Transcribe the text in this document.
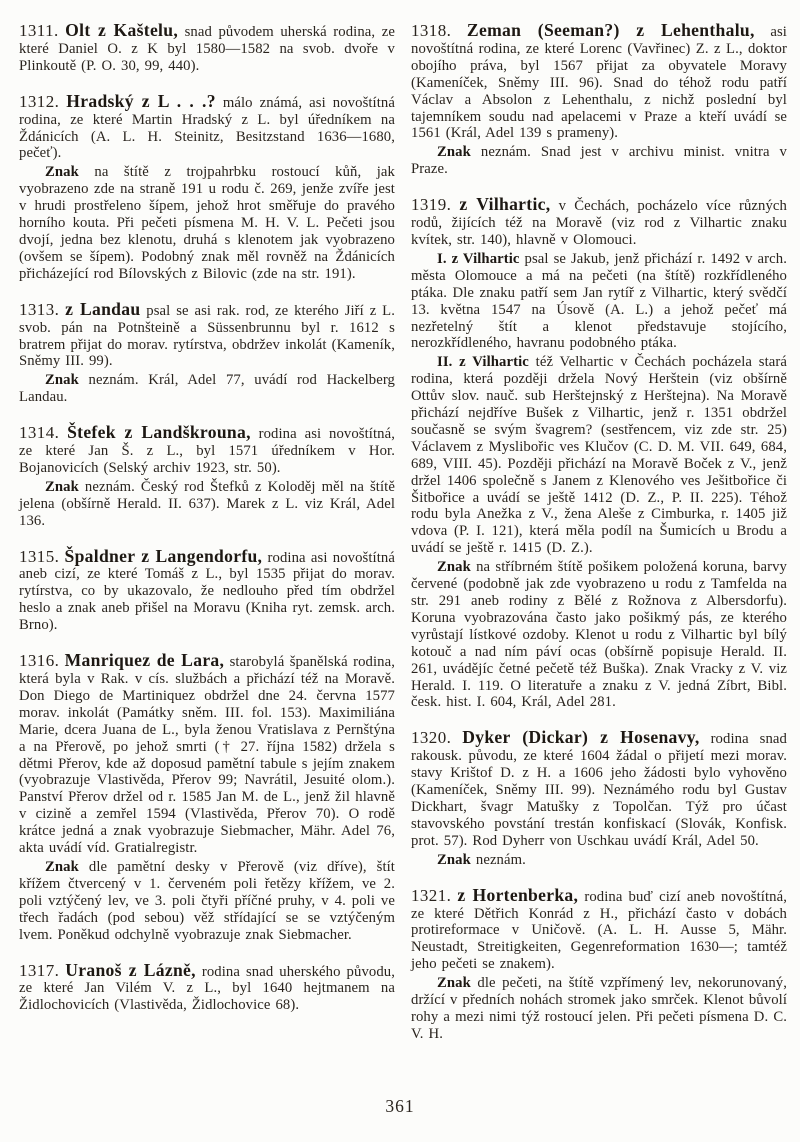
1311. Olt z Kaštelu, snad původem uherská rodina, ze které Daniel O. z K byl 1580—1582 na svob. dvoře v Plinkoutě (P. O. 30, 99, 440).

1312. Hradský z L . . .? málo známá, asi novoštítná rodina, ze které Martin Hradský z L. byl úředníkem na Ždánicích (A. L. H. Steinitz, Besitzstand 1636—1680, pečeť).

Znak na štítě z trojpahrbku rostoucí kůň, jak vyobrazeno zde na straně 191 u rodu č. 269, jenže zvíře jest v hrudi prostřeleno šípem, jehož hrot směřuje do pravého horního kouta. Při pečeti písmena M. H. V. L. Pečeti jsou dvojí, jedna bez klenotu, druhá s klenotem jak vyobrazeno (ovšem se šípem). Podobný znak měl rovněž na Ždánicích přicházející rod Bílovských z Bilovic (zde na str. 191).

1313. z Landau psal se asi rak. rod, ze kterého Jiří z L. svob. pán na Potnšteině a Süssenbrunnu byl r. 1612 s bratrem přijat do morav. rytírstva, obdržev inkolát (Kameník, Sněmy III. 99).

Znak neznám. Král, Adel 77, uvádí rod Hackelberg Landau.

1314. Štefek z Landškrouna, rodina asi novoštítná, ze které Jan Š. z L., byl 1571 úředníkem v Hor. Bojanovicích (Selský archiv 1923, str. 50).

Znak neznám. Český rod Štefků z Koloděj měl na štítě jelena (obšírně Herald. II. 637). Marek z L. viz Král, Adel 136.

1315. Špaldner z Langendorfu, rodina asi novoštítná aneb cizí, ze které Tomáš z L., byl 1535 přijat do morav. rytírstva, co by ukazovalo, že nedlouho před tím obdržel heslo a znak aneb přišel na Moravu (Kniha ryt. zemsk. arch. Brno).

1316. Manriquez de Lara, starobylá španělská rodina, která byla v Rak. v cís. službách a přichází též na Moravě. Don Diego de Martiniquez obdržel dne 24. června 1577 morav. inkolát (Památky sněm. III. fol. 153). Maximiliána Marie, dcera Juana de L., byla ženou Vratislava z Pernštýna a na Přerově, po jehož smrti († 27. října 1582) držela s dětmi Přerov, kde až doposud pamětní tabule s jejím znakem (vyobrazuje Vlastivěda, Přerov 99; Navrátil, Jesuité olom.). Panství Přerov držel od r. 1585 Jan M. de L., jenž žil hlavně v cizině a zemřel 1594 (Vlastivěda, Přerov 70). O rodě krátce jedná a znak vyobrazuje Siebmacher, Mähr. Adel 76, akta uvádí víd. Gratialregistr.

Znak dle pamětní desky v Přerově (viz dříve), štít křížem čtvercený v 1. červeném poli řetězy křížem, ve 2. poli vztýčený lev, ve 3. poli čtyři příčné pruhy, v 4. poli ve třech řadách (pod sebou) věž střídající se se vztýčeným lvem. Poněkud odchylně vyobrazuje znak Siebmacher.

1317. Uranoš z Lázně, rodina snad uherského původu, ze které Jan Vilém V. z L., byl 1640 hejtmanem na Židlochovicích (Vlastivěda, Židlochovice 68).

1318. Zeman (Seeman?) z Lehenthalu, asi novoštítná rodina, ze které Lorenc (Vavřinec) Z. z L., doktor obojího práva, byl 1567 přijat za obyvatele Moravy (Kameníček, Sněmy III. 96). Snad do téhož rodu patří Václav a Absolon z Lehenthalu, z nichž poslední byl tajemníkem soudu nad apelacemi v Praze a kteří uvádí se 1561 (Král, Adel 139 s prameny).

Znak neznám. Snad jest v archivu minist. vnitra v Praze.

1319. z Vilhartic, v Čechách, pocházelo více různých rodů, žijících též na Moravě (viz rod z Vilhartic znaku kvítek, str. 140), hlavně v Olomouci.

I. z Vilhartic psal se Jakub, jenž přichází r. 1492 v arch. města Olomouce a má na pečeti (na štítě) rozkřídleného ptáka. Dle znaku patří sem Jan rytíř z Vilhartic, který svědčí 13. května 1547 na Úsově (A. L.) a jehož pečeť má nezřetelný štít a klenot představuje stojícího, nerozkřídleného, havranu podobného ptáka.

II. z Vilhartic též Velhartic v Čechách pocházela stará rodina, která později držela Nový Herštein (viz obšírně Ottův slov. nauč. sub Herštejnský z Herštejna). Na Moravě přichází nejdříve Bušek z Vilhartic, jenž r. 1351 obdržel současně se svým švagrem? (sestřencem, viz zde str. 25) Václavem z Myslibořic ves Klučov (C. D. M. VII. 649, 684, 689, VIII. 45). Později přichází na Moravě Boček z V., jenž držel 1406 společně s Janem z Klenového ves Ješitbořice či Šitbořice a uvádí se ještě 1412 (D. Z., P. II. 225). Téhož rodu byla Anežka z V., žena Aleše z Cimburka, r. 1405 již vdova (P. I. 121), která měla podíl na Šumicích u Brodu a uvádí se ještě r. 1415 (D. Z.).

Znak na stříbrném štítě pošikem položená koruna, barvy červené (podobně jak zde vyobrazeno u rodu z Tamfelda na str. 291 aneb rodiny z Bělé z Rožnova z Albersdorfu). Koruna vyobrazována často jako pošikmý pás, ze kterého vyrůstají lístkové ozdoby. Klenot u rodu z Vilhartic byl bílý kotouč a nad ním páví ocas (obšírně popisuje Herald. II. 261, uvádějíc četné pečetě též Buška). Znak Vracky z V. viz Herald. I. 119. O literatuře a znaku z V. jedná Zíbrt, Bibl. česk. hist. I. 604, Král, Adel 281.

1320. Dyker (Dickar) z Hosenavy, rodina snad rakousk. původu, ze které 1604 žádal o přijetí mezi morav. stavy Krištof D. z H. a 1606 jeho žádosti bylo vyhověno (Kameníček, Sněmy III. 99). Neznámého rodu byl Gustav Dickhart, švagr Matušky z Topolčan. Týž pro účast stavovského povstání trestán konfiskací (Slovák, Konfisk. prot. 57). Rod Dyherr von Uschkau uvádí Král, Adel 50.

Znak neznám.

1321. z Hortenberka, rodina buď cizí aneb novoštítná, ze které Dětřich Konrád z H., přichází často v dobách protireformace v Uničově. (A. L. H. Ausse 5, Mähr. Neustadt, Streitigkeiten, Gegenreformation 1630—; tamtéž jeho pečeti se znakem).

Znak dle pečeti, na štítě vzpřímený lev, nekorunovaný, držící v předních nohách stromek jako smrček. Klenot bůvolí rohy a mezi nimi týž rostoucí jelen. Při pečeti písmena D. C. V. H.

361
